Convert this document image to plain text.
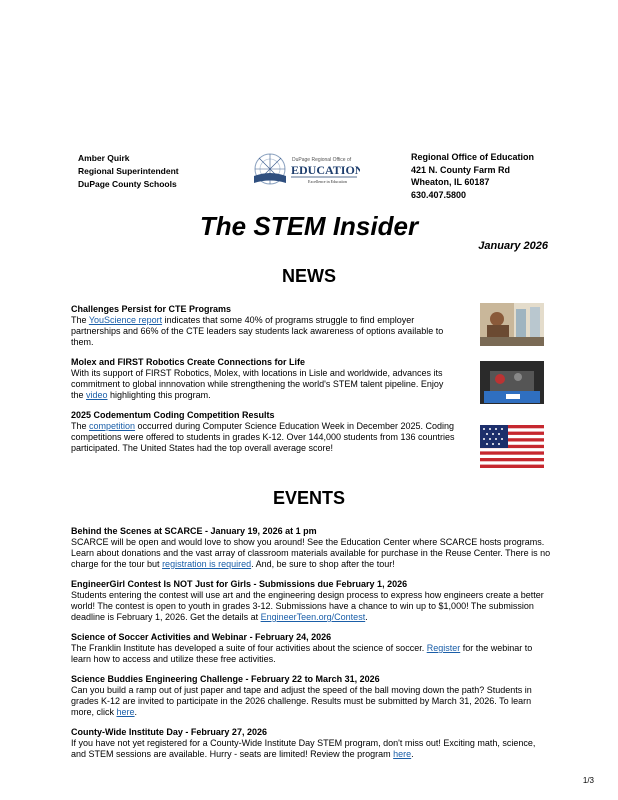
Amber Quirk
Regional Superintendent
DuPage County Schools
DuPage Regional Office of
EDUCATION
Excellence in Education
Regional Office of Education
421 N. County Farm Rd
Wheaton, IL 60187
630.407.5800
The STEM Insider
January 2026
NEWS
Challenges Persist for CTE Programs
The YouScience report indicates that some 40% of programs struggle to find employer partnerships and 66% of the CTE leaders say students lack awareness of options available to them.
Molex and FIRST Robotics Create Connections for Life
With its support of FIRST Robotics, Molex, with locations in Lisle and worldwide, advances its commitment to global innnovation while strengthening the world's STEM talent pipeline. Enjoy the video highlighting this program.
2025 Codementum Coding Competition Results
The competition occurred during Computer Science Education Week in December 2025. Coding competitions were offered to students in grades K-12. Over 144,000 students from 136 countries participated. The United States had the top overall average score!
EVENTS
Behind the Scenes at SCARCE - January 19, 2026 at 1 pm
SCARCE will be open and would love to show you around! See the Education Center where SCARCE hosts programs. Learn about donations and the vast array of classroom materials available for purchase in the Reuse Center. There is no charge for the tour but registration is required. And, be sure to shop after the tour!
EngineerGirl Contest Is NOT Just for Girls - Submissions due February 1, 2026
Students entering the contest will use art and the engineering design process to express how engineers create a better world! The contest is open to youth in grades 3-12. Submissions have a chance to win up to $1,000! The submission deadline is February 1, 2026. Get the details at EngineerTeen.org/Contest.
Science of Soccer Activities and Webinar - February 24, 2026
The Franklin Institute has developed a suite of four activities about the science of soccer. Register for the webinar to learn how to access and utilize these free activities.
Science Buddies Engineering Challenge - February 22 to March 31, 2026
Can you build a ramp out of just paper and tape and adjust the speed of the ball moving down the path? Students in grades K-12 are invited to participate in the 2026 challenge. Results must be submitted by March 31, 2026. To learn more, click here.
County-Wide Institute Day - February 27, 2026
If you have not yet registered for a County-Wide Institute Day STEM program, don't miss out! Exciting math, science, and STEM sessions are available. Hurry - seats are limited! Review the program here.
1/3
